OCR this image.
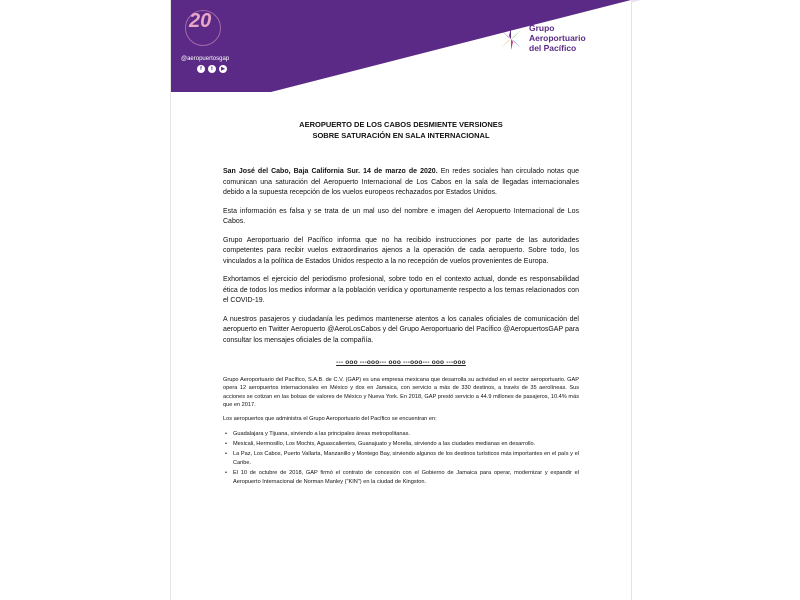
20
@aeropuertosgap
f	t	▶
Grupo
Aeroportuario
del Pacífico
AEROPUERTO DE LOS CABOS DESMIENTE VERSIONES
SOBRE SATURACIÓN EN SALA INTERNACIONAL

San José del Cabo, Baja California Sur. 14 de marzo de 2020. En redes sociales han circulado notas que comunican una saturación del Aeropuerto Internacional de Los Cabos en la sala de llegadas internacionales debido a la supuesta recepción de los vuelos europeos rechazados por Estados Unidos.

Esta información es falsa y se trata de un mal uso del nombre e imagen del Aeropuerto Internacional de Los Cabos.

Grupo Aeroportuario del Pacífico informa que no ha recibido instrucciones por parte de las autoridades competentes para recibir vuelos extraordinarios ajenos a la operación de cada aeropuerto. Sobre todo, los vinculados a la política de Estados Unidos respecto a la no recepción de vuelos provenientes de Europa.

Exhortamos el ejercicio del periodismo profesional, sobre todo en el contexto actual, donde es responsabilidad ética de todos los medios informar a la población verídica y oportunamente respecto a los temas relacionados con el COVID-19.

A nuestros pasajeros y ciudadanía les pedimos mantenerse atentos a los canales oficiales de comunicación del aeropuerto en Twitter Aeropuerto @AeroLosCabos y del Grupo Aeroportuario del Pacífico @AeropuertosGAP para consultar los mensajes oficiales de la compañía.

--- ooo ---ooo--- ooo ---ooo--- ooo ---ooo

Grupo Aeroportuario del Pacífico, S.A.B. de C.V. (GAP) es una empresa mexicana que desarrolla su actividad en el sector aeroportuario. GAP opera 12 aeropuertos internacionales en México y dos en Jamaica, con servicio a más de 330 destinos, a través de 35 aerolíneas. Sus acciones se cotizan en las bolsas de valores de México y Nueva York. En 2018, GAP prestó servicio a 44.9 millones de pasajeros, 10.4% más que en 2017.

Los aeropuertos que administra el Grupo Aeroportuario del Pacífico se encuentran en:

• Guadalajara y Tijuana, sirviendo a las principales áreas metropolitanas.
• Mexicali, Hermosillo, Los Mochis, Aguascalientes, Guanajuato y Morelia, sirviendo a las ciudades medianas en desarrollo.
• La Paz, Los Cabos, Puerto Vallarta, Manzanillo y Montego Bay, sirviendo algunos de los destinos turísticos más importantes en el país y el Caribe.
• El 10 de octubre de 2018, GAP firmó el contrato de concesión con el Gobierno de Jamaica para operar, modernizar y expandir el Aeropuerto Internacional de Norman Manley ("KIN") en la ciudad de Kingston.
